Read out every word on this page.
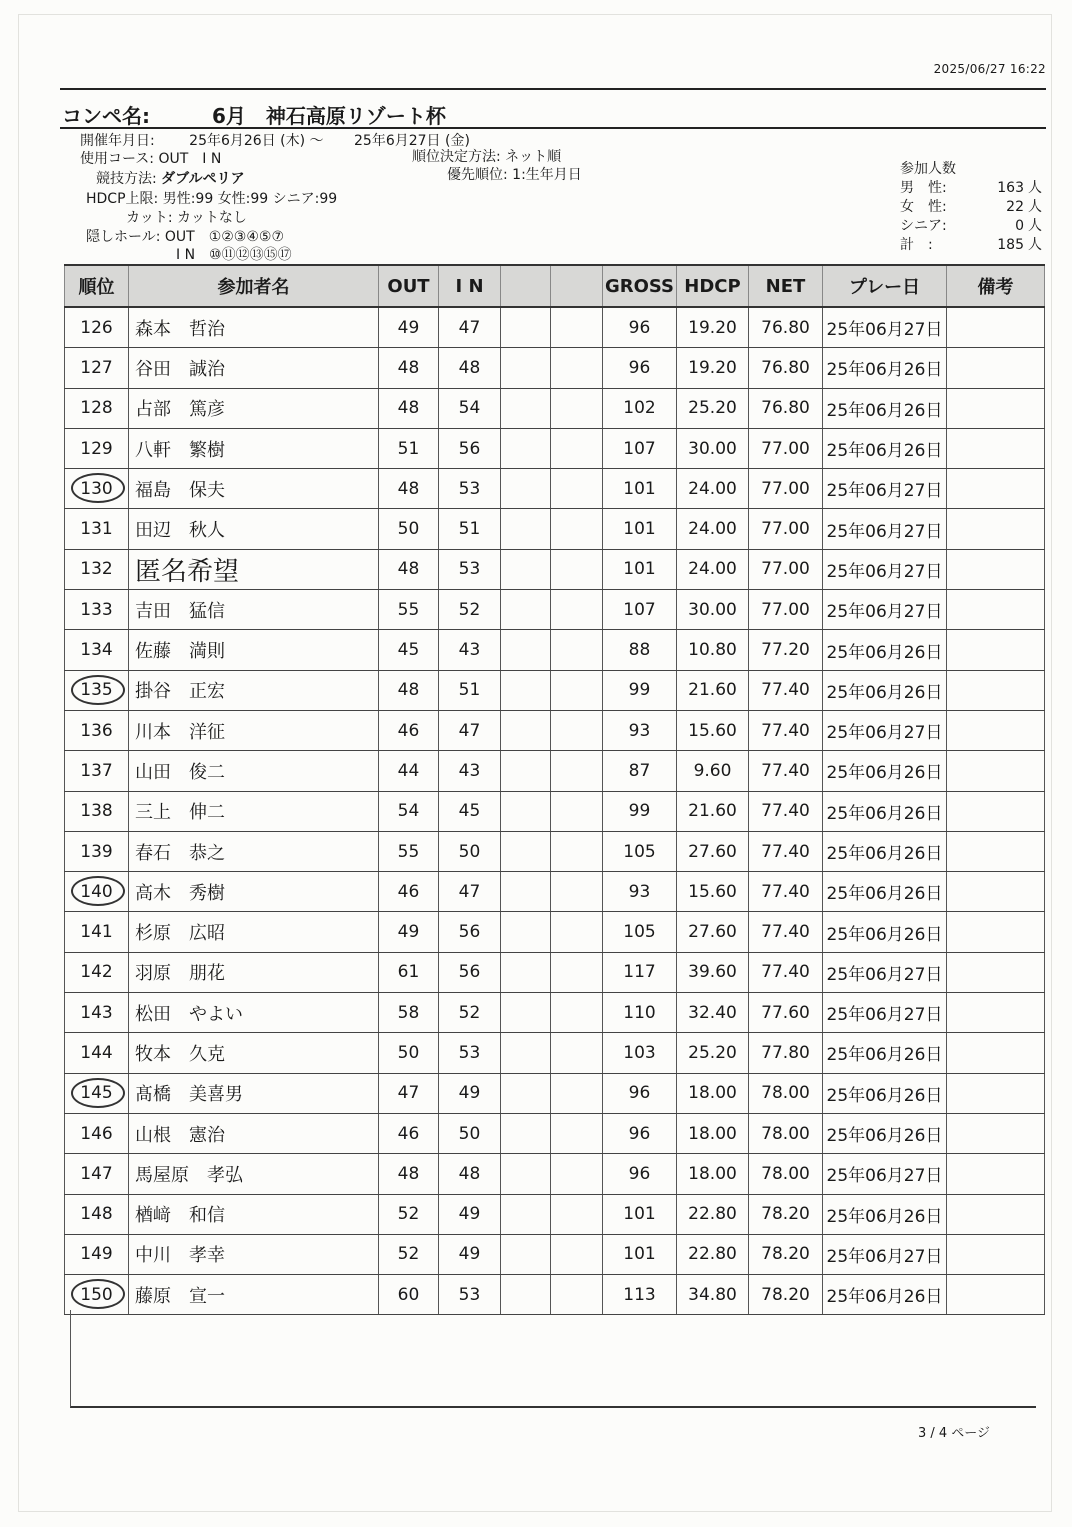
2025/06/27 16:22
コンペ名:	6月　神石高原リゾート杯
開催年月日: 25年6月26日 (木) ～ 25年6月27日 (金)
使用コース: OUT　I N	順位決定方法: ネット順
競技方法: ダブルペリア	優先順位: 1:生年月日
HDCP上限: 男性:99 女性:99 シニア:99
カット: カットなし
隠しホール: OUT　①②③④⑤⑦
I N　⑩⑪⑫⑬⑮⑰
参加人数
男　性:	163 人
女　性:	22 人
シニア:	0 人
計　:	185 人
順位	参加者名	OUT	I N			GROSS	HDCP	NET	プレー日	備考
126	森本　哲治	49	47			96	19.20	76.80	25年06月27日	
127	谷田　誠治	48	48			96	19.20	76.80	25年06月26日	
128	占部　篤彦	48	54			102	25.20	76.80	25年06月26日	
129	八軒　繁樹	51	56			107	30.00	77.00	25年06月26日	
130	福島　保夫	48	53			101	24.00	77.00	25年06月27日	
131	田辺　秋人	50	51			101	24.00	77.00	25年06月27日	
132	匿名希望	48	53			101	24.00	77.00	25年06月27日	
133	吉田　猛信	55	52			107	30.00	77.00	25年06月27日	
134	佐藤　満則	45	43			88	10.80	77.20	25年06月26日	
135	掛谷　正宏	48	51			99	21.60	77.40	25年06月26日	
136	川本　洋征	46	47			93	15.60	77.40	25年06月27日	
137	山田　俊二	44	43			87	9.60	77.40	25年06月26日	
138	三上　伸二	54	45			99	21.60	77.40	25年06月26日	
139	春石　恭之	55	50			105	27.60	77.40	25年06月26日	
140	高木　秀樹	46	47			93	15.60	77.40	25年06月26日	
141	杉原　広昭	49	56			105	27.60	77.40	25年06月26日	
142	羽原　朋花	61	56			117	39.60	77.40	25年06月27日	
143	松田　やよい	58	52			110	32.40	77.60	25年06月27日	
144	牧本　久克	50	53			103	25.20	77.80	25年06月26日	
145	髙橋　美喜男	47	49			96	18.00	78.00	25年06月26日	
146	山根　憲治	46	50			96	18.00	78.00	25年06月26日	
147	馬屋原　孝弘	48	48			96	18.00	78.00	25年06月27日	
148	楢﨑　和信	52	49			101	22.80	78.20	25年06月26日	
149	中川　孝幸	52	49			101	22.80	78.20	25年06月27日	
150	藤原　宣一	60	53			113	34.80	78.20	25年06月26日	
3 / 4 ページ
